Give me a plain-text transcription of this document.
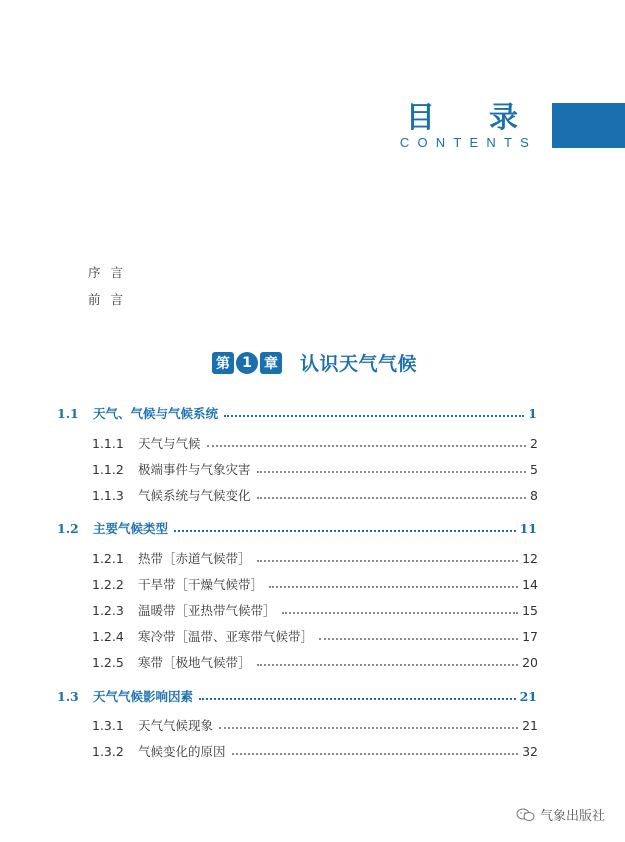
目 录
CONTENTS
序言
前言
第 1 章 认识天气气候
1.1	天气、气候与气候系统	1
1.1.1	天气与气候	2
1.1.2	极端事件与气象灾害	5
1.1.3	气候系统与气候变化	8
1.2	主要气候类型	11
1.2.1	热带［赤道气候带］	12
1.2.2	干旱带［干燥气候带］	14
1.2.3	温暖带［亚热带气候带］	15
1.2.4	寒冷带［温带、亚寒带气候带］	17
1.2.5	寒带［极地气候带］	20
1.3	天气气候影响因素	21
1.3.1	天气气候现象	21
1.3.2	气候变化的原因	32
气象出版社
